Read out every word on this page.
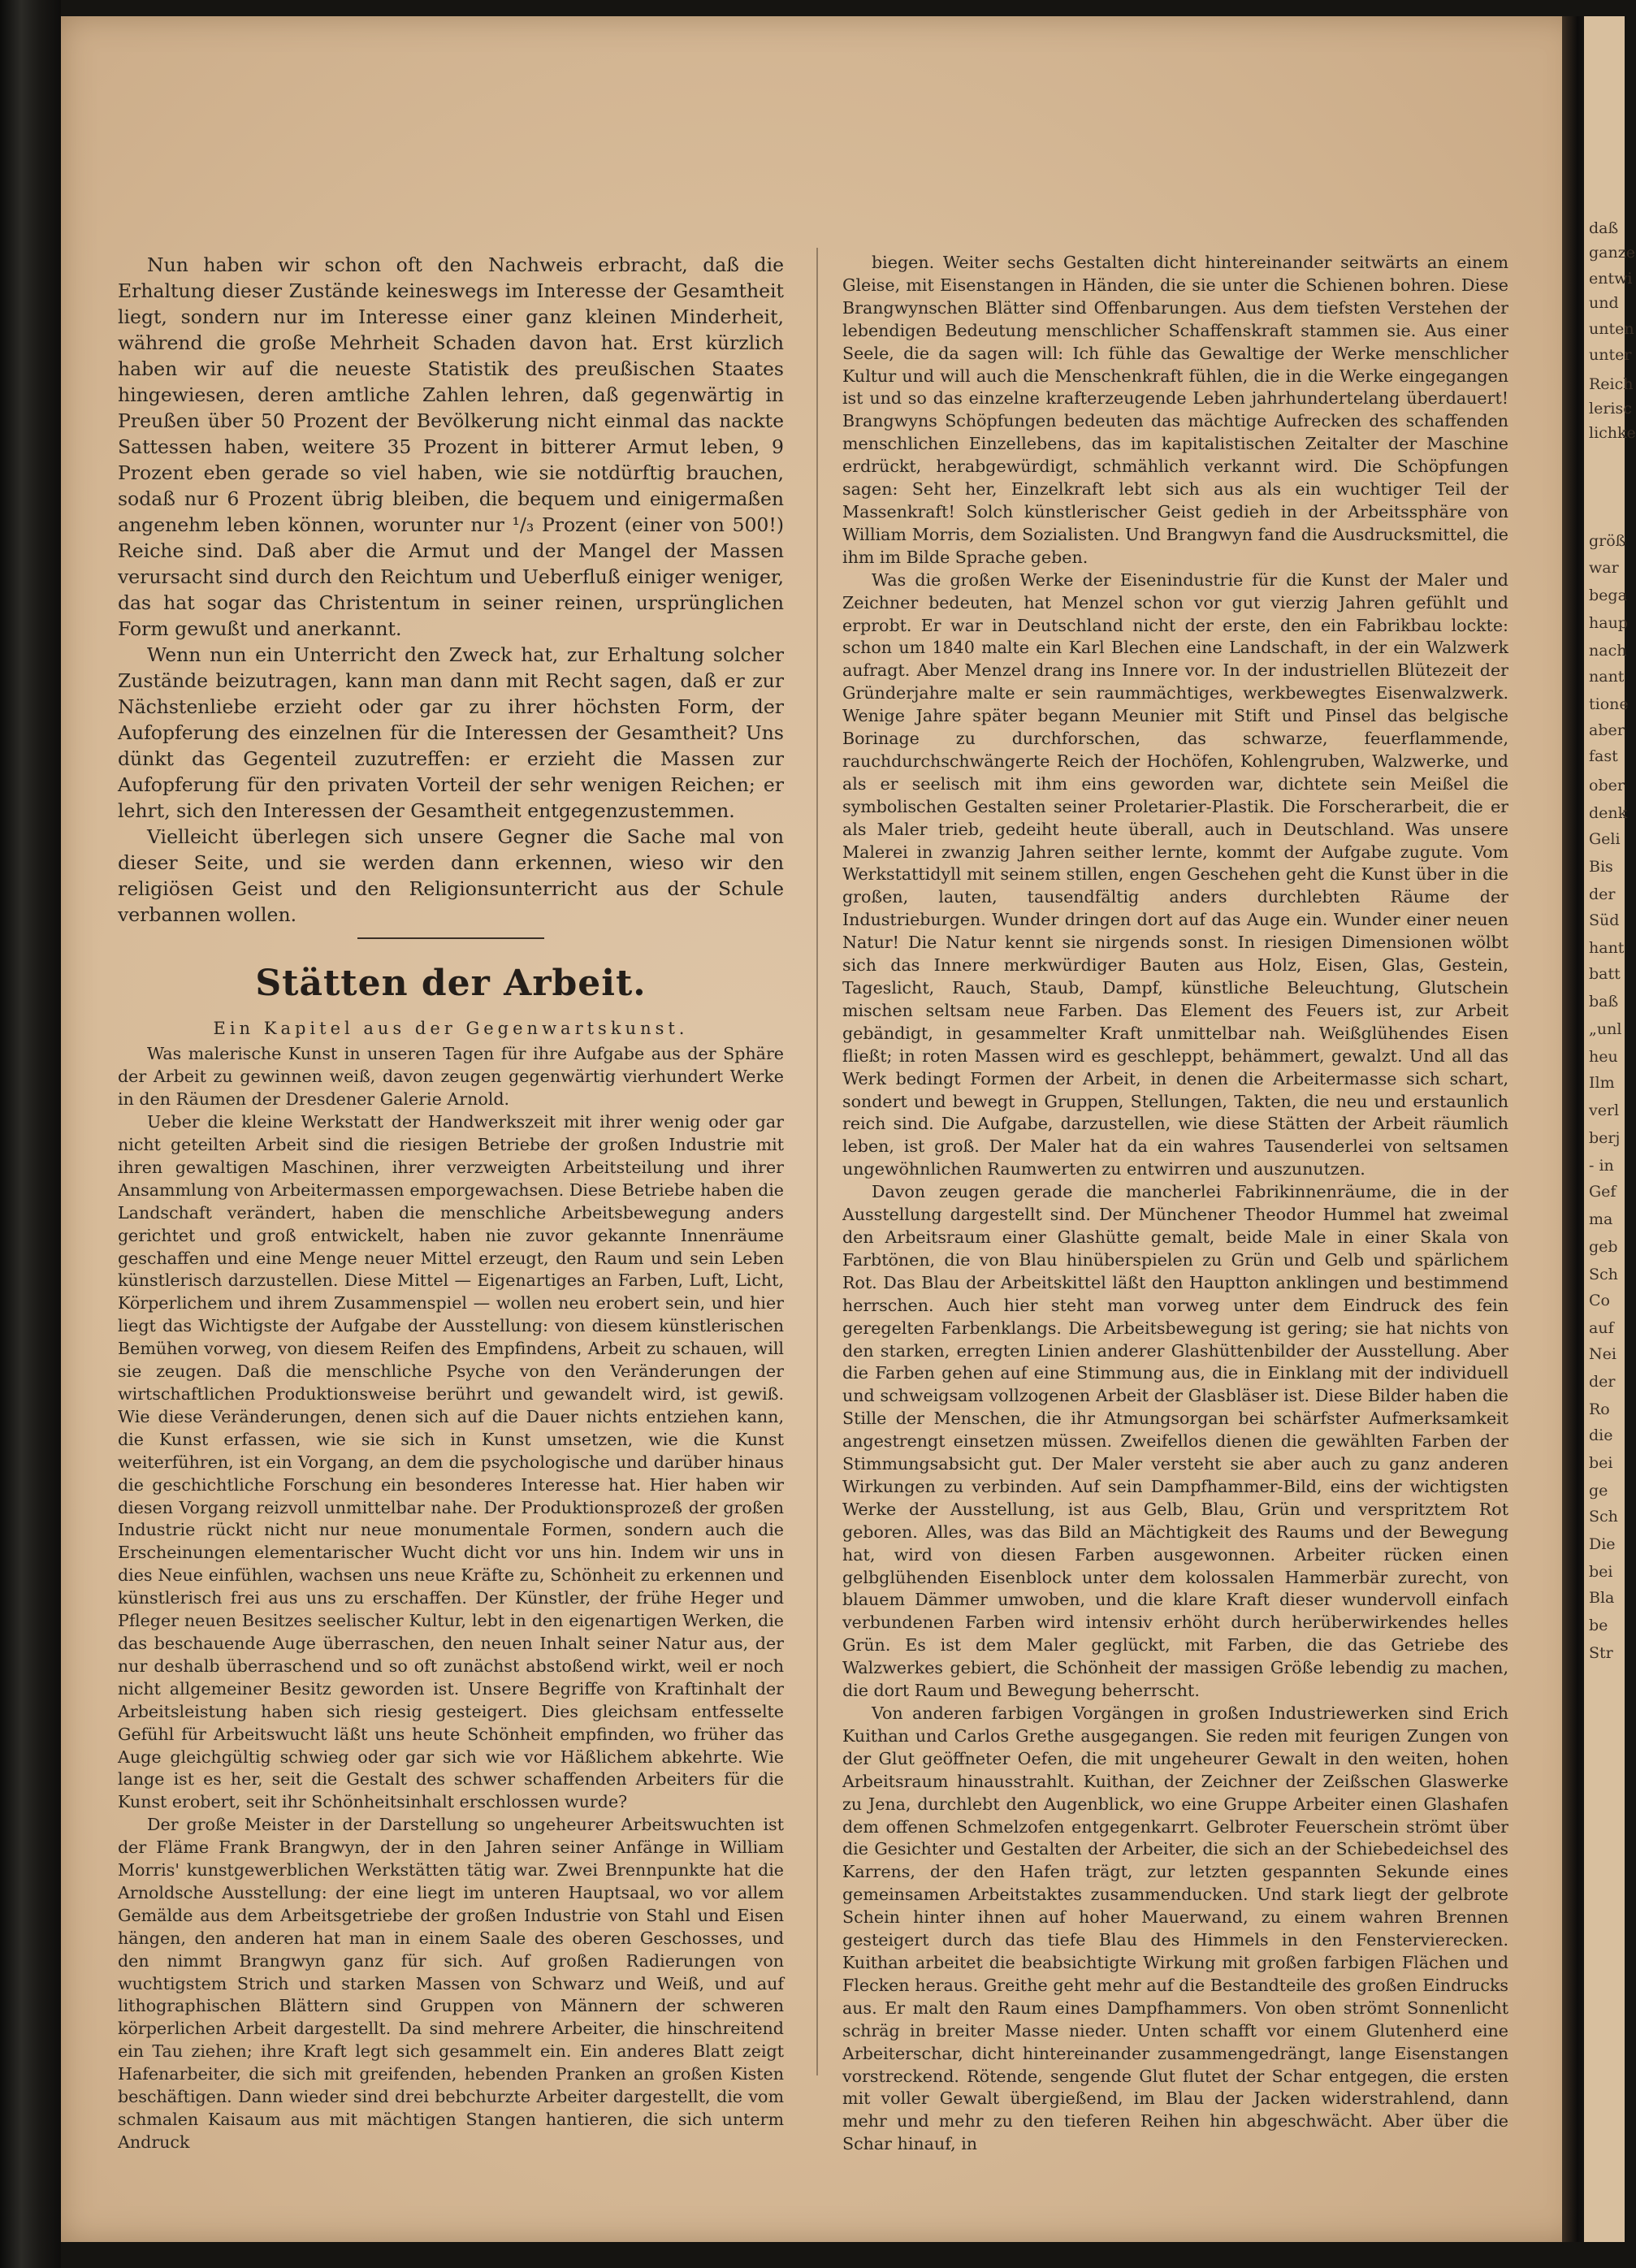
Nun haben wir schon oft den Nachweis erbracht, daß die Erhaltung dieser Zustände keineswegs im Interesse der Gesamtheit liegt, sondern nur im Interesse einer ganz kleinen Minderheit, während die große Mehrheit Schaden davon hat. Erst kürzlich haben wir auf die neueste Statistik des preußischen Staates hingewiesen, deren amtliche Zahlen lehren, daß gegenwärtig in Preußen über 50 Prozent der Bevölkerung nicht einmal das nackte Sattessen haben, weitere 35 Prozent in bitterer Armut leben, 9 Prozent eben gerade so viel haben, wie sie notdürftig brauchen, sodaß nur 6 Prozent übrig bleiben, die bequem und einigermaßen angenehm leben können, worunter nur ¹/₃ Prozent (einer von 500!) Reiche sind. Daß aber die Armut und der Mangel der Massen verursacht sind durch den Reichtum und Ueberfluß einiger weniger, das hat sogar das Christentum in seiner reinen, ursprünglichen Form gewußt und anerkannt.

Wenn nun ein Unterricht den Zweck hat, zur Erhaltung solcher Zustände beizutragen, kann man dann mit Recht sagen, daß er zur Nächstenliebe erzieht oder gar zu ihrer höchsten Form, der Aufopferung des einzelnen für die Interessen der Gesamtheit? Uns dünkt das Gegenteil zuzutreffen: er erzieht die Massen zur Aufopferung für den privaten Vorteil der sehr wenigen Reichen; er lehrt, sich den Interessen der Gesamtheit entgegenzustemmen.

Vielleicht überlegen sich unsere Gegner die Sache mal von dieser Seite, und sie werden dann erkennen, wieso wir den religiösen Geist und den Religionsunterricht aus der Schule verbannen wollen.

Stätten der Arbeit.
Ein Kapitel aus der Gegenwartskunst.

Was malerische Kunst in unseren Tagen für ihre Aufgabe aus der Sphäre der Arbeit zu gewinnen weiß, davon zeugen gegenwärtig vierhundert Werke in den Räumen der Dresdener Galerie Arnold.

Ueber die kleine Werkstatt der Handwerkszeit mit ihrer wenig oder gar nicht geteilten Arbeit sind die riesigen Betriebe der großen Industrie mit ihren gewaltigen Maschinen, ihrer verzweigten Arbeitsteilung und ihrer Ansammlung von Arbeitermassen emporgewachsen. Diese Betriebe haben die Landschaft verändert, haben die menschliche Arbeitsbewegung anders gerichtet und groß entwickelt, haben nie zuvor gekannte Innenräume geschaffen und eine Menge neuer Mittel erzeugt, den Raum und sein Leben künstlerisch darzustellen. Diese Mittel — Eigenartiges an Farben, Luft, Licht, Körperlichem und ihrem Zusammenspiel — wollen neu erobert sein, und hier liegt das Wichtigste der Aufgabe der Ausstellung: von diesem künstlerischen Bemühen vorweg, von diesem Reifen des Empfindens, Arbeit zu schauen, will sie zeugen. Daß die menschliche Psyche von den Veränderungen der wirtschaftlichen Produktionsweise berührt und gewandelt wird, ist gewiß. Wie diese Veränderungen, denen sich auf die Dauer nichts entziehen kann, die Kunst erfassen, wie sie sich in Kunst umsetzen, wie die Kunst weiterführen, ist ein Vorgang, an dem die psychologische und darüber hinaus die geschichtliche Forschung ein besonderes Interesse hat. Hier haben wir diesen Vorgang reizvoll unmittelbar nahe. Der Produktionsprozeß der großen Industrie rückt nicht nur neue monumentale Formen, sondern auch die Erscheinungen elementarischer Wucht dicht vor uns hin. Indem wir uns in dies Neue einfühlen, wachsen uns neue Kräfte zu, Schönheit zu erkennen und künstlerisch frei aus uns zu erschaffen. Der Künstler, der frühe Heger und Pfleger neuen Besitzes seelischer Kultur, lebt in den eigenartigen Werken, die das beschauende Auge überraschen, den neuen Inhalt seiner Natur aus, der nur deshalb überraschend und so oft zunächst abstoßend wirkt, weil er noch nicht allgemeiner Besitz geworden ist. Unsere Begriffe von Kraftinhalt der Arbeitsleistung haben sich riesig gesteigert. Dies gleichsam entfesselte Gefühl für Arbeitswucht läßt uns heute Schönheit empfinden, wo früher das Auge gleichgültig schwieg oder gar sich wie vor Häßlichem abkehrte. Wie lange ist es her, seit die Gestalt des schwer schaffenden Arbeiters für die Kunst erobert, seit ihr Schönheitsinhalt erschlossen wurde?

Der große Meister in der Darstellung so ungeheurer Arbeitswuchten ist der Fläme Frank Brangwyn, der in den Jahren seiner Anfänge in William Morris' kunstgewerblichen Werkstätten tätig war. Zwei Brennpunkte hat die Arnoldsche Ausstellung: der eine liegt im unteren Hauptsaal, wo vor allem Gemälde aus dem Arbeitsgetriebe der großen Industrie von Stahl und Eisen hängen, den anderen hat man in einem Saale des oberen Geschosses, und den nimmt Brangwyn ganz für sich. Auf großen Radierungen von wuchtigstem Strich und starken Massen von Schwarz und Weiß, und auf lithographischen Blättern sind Gruppen von Männern der schweren körperlichen Arbeit dargestellt. Da sind mehrere Arbeiter, die hinschreitend ein Tau ziehen; ihre Kraft legt sich gesammelt ein. Ein anderes Blatt zeigt Hafenarbeiter, die sich mit greifenden, hebenden Pranken an großen Kisten beschäftigen. Dann wieder sind drei bebchurzte Arbeiter dargestellt, die vom schmalen Kaisaum aus mit mächtigen Stangen hantieren, die sich unterm Andruck

biegen. Weiter sechs Gestalten dicht hintereinander seitwärts an einem Gleise, mit Eisenstangen in Händen, die sie unter die Schienen bohren. Diese Brangwynschen Blätter sind Offenbarungen. Aus dem tiefsten Verstehen der lebendigen Bedeutung menschlicher Schaffenskraft stammen sie. Aus einer Seele, die da sagen will: Ich fühle das Gewaltige der Werke menschlicher Kultur und will auch die Menschenkraft fühlen, die in die Werke eingegangen ist und so das einzelne krafterzeugende Leben jahrhundertelang überdauert! Brangwyns Schöpfungen bedeuten das mächtige Aufrecken des schaffenden menschlichen Einzellebens, das im kapitalistischen Zeitalter der Maschine erdrückt, herabgewürdigt, schmählich verkannt wird. Die Schöpfungen sagen: Seht her, Einzelkraft lebt sich aus als ein wuchtiger Teil der Massenkraft! Solch künstlerischer Geist gedieh in der Arbeitssphäre von William Morris, dem Sozialisten. Und Brangwyn fand die Ausdrucksmittel, die ihm im Bilde Sprache geben.

Was die großen Werke der Eisenindustrie für die Kunst der Maler und Zeichner bedeuten, hat Menzel schon vor gut vierzig Jahren gefühlt und erprobt. Er war in Deutschland nicht der erste, den ein Fabrikbau lockte: schon um 1840 malte ein Karl Blechen eine Landschaft, in der ein Walzwerk aufragt. Aber Menzel drang ins Innere vor. In der industriellen Blütezeit der Gründerjahre malte er sein raummächtiges, werkbewegtes Eisenwalzwerk. Wenige Jahre später begann Meunier mit Stift und Pinsel das belgische Borinage zu durchforschen, das schwarze, feuerflammende, rauchdurchschwängerte Reich der Hochöfen, Kohlengruben, Walzwerke, und als er seelisch mit ihm eins geworden war, dichtete sein Meißel die symbolischen Gestalten seiner Proletarier-Plastik. Die Forscherarbeit, die er als Maler trieb, gedeiht heute überall, auch in Deutschland. Was unsere Malerei in zwanzig Jahren seither lernte, kommt der Aufgabe zugute. Vom Werkstattidyll mit seinem stillen, engen Geschehen geht die Kunst über in die großen, lauten, tausendfältig anders durchlebten Räume der Industrieburgen. Wunder dringen dort auf das Auge ein. Wunder einer neuen Natur! Die Natur kennt sie nirgends sonst. In riesigen Dimensionen wölbt sich das Innere merkwürdiger Bauten aus Holz, Eisen, Glas, Gestein, Tageslicht, Rauch, Staub, Dampf, künstliche Beleuchtung, Glutschein mischen seltsam neue Farben. Das Element des Feuers ist, zur Arbeit gebändigt, in gesammelter Kraft unmittelbar nah. Weißglühendes Eisen fließt; in roten Massen wird es geschleppt, behämmert, gewalzt. Und all das Werk bedingt Formen der Arbeit, in denen die Arbeitermasse sich schart, sondert und bewegt in Gruppen, Stellungen, Takten, die neu und erstaunlich reich sind. Die Aufgabe, darzustellen, wie diese Stätten der Arbeit räumlich leben, ist groß. Der Maler hat da ein wahres Tausenderlei von seltsamen ungewöhnlichen Raumwerten zu entwirren und auszunutzen.

Davon zeugen gerade die mancherlei Fabrikinnenräume, die in der Ausstellung dargestellt sind. Der Münchener Theodor Hummel hat zweimal den Arbeitsraum einer Glashütte gemalt, beide Male in einer Skala von Farbtönen, die von Blau hinüberspielen zu Grün und Gelb und spärlichem Rot. Das Blau der Arbeitskittel läßt den Hauptton anklingen und bestimmend herrschen. Auch hier steht man vorweg unter dem Eindruck des fein geregelten Farbenklangs. Die Arbeitsbewegung ist gering; sie hat nichts von den starken, erregten Linien anderer Glashüttenbilder der Ausstellung. Aber die Farben gehen auf eine Stimmung aus, die in Einklang mit der individuell und schweigsam vollzogenen Arbeit der Glasbläser ist. Diese Bilder haben die Stille der Menschen, die ihr Atmungsorgan bei schärfster Aufmerksamkeit angestrengt einsetzen müssen. Zweifellos dienen die gewählten Farben der Stimmungsabsicht gut. Der Maler versteht sie aber auch zu ganz anderen Wirkungen zu verbinden. Auf sein Dampfhammer-Bild, eins der wichtigsten Werke der Ausstellung, ist aus Gelb, Blau, Grün und verspritztem Rot geboren. Alles, was das Bild an Mächtigkeit des Raums und der Bewegung hat, wird von diesen Farben ausgewonnen. Arbeiter rücken einen gelbglühenden Eisenblock unter dem kolossalen Hammerbär zurecht, von blauem Dämmer umwoben, und die klare Kraft dieser wundervoll einfach verbundenen Farben wird intensiv erhöht durch herüberwirkendes helles Grün. Es ist dem Maler geglückt, mit Farben, die das Getriebe des Walzwerkes gebiert, die Schönheit der massigen Größe lebendig zu machen, die dort Raum und Bewegung beherrscht.

Von anderen farbigen Vorgängen in großen Industriewerken sind Erich Kuithan und Carlos Grethe ausgegangen. Sie reden mit feurigen Zungen von der Glut geöffneter Oefen, die mit ungeheurer Gewalt in den weiten, hohen Arbeitsraum hinausstrahlt. Kuithan, der Zeichner der Zeißschen Glaswerke zu Jena, durchlebt den Augenblick, wo eine Gruppe Arbeiter einen Glashafen dem offenen Schmelzofen entgegenkarrt. Gelbroter Feuerschein strömt über die Gesichter und Gestalten der Arbeiter, die sich an der Schiebedeichsel des Karrens, der den Hafen trägt, zur letzten gespannten Sekunde eines gemeinsamen Arbeitstaktes zusammenducken. Und stark liegt der gelbrote Schein hinter ihnen auf hoher Mauerwand, zu einem wahren Brennen gesteigert durch das tiefe Blau des Himmels in den Fenstervierecken. Kuithan arbeitet die beabsichtigte Wirkung mit großen farbigen Flächen und Flecken heraus. Greithe geht mehr auf die Bestandteile des großen Eindrucks aus. Er malt den Raum eines Dampfhammers. Von oben strömt Sonnenlicht schräg in breiter Masse nieder. Unten schafft vor einem Glutenherd eine Arbeiterschar, dicht hintereinander zusammengedrängt, lange Eisenstangen vorstreckend. Rötende, sengende Glut flutet der Schar entgegen, die ersten mit voller Gewalt übergießend, im Blau der Jacken widerstrahlend, dann mehr und mehr zu den tieferen Reihen hin abgeschwächt. Aber über die Schar hinauf, in

daß
ganze
entwi
und
unten
unter
Reich
lerisc
lichke
größ
war
bega
haup
nach
nant
tione
aber
fast
ober
denk
Geli
Bis
der
Süd
hant
batt
baß
„unl
heu
Ilm
verl
berj
- in
Gef
ma
geb
Sch
Co
auf
Nei
der
Ro
die
bei
ge
Sch
Die
bei
Bla
be
Str
